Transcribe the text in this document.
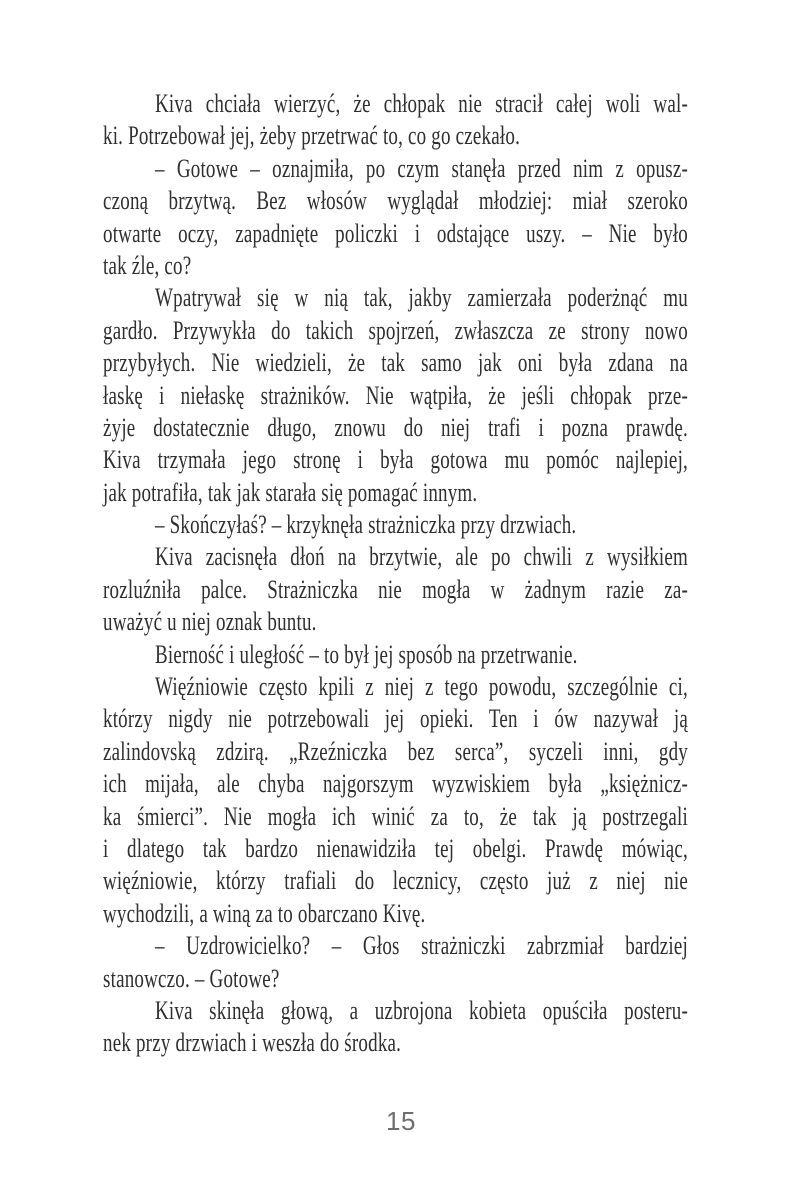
Kiva chciała wierzyć, że chłopak nie stracił całej woli wal-
ki. Potrzebował jej, żeby przetrwać to, co go czekało.
– Gotowe – oznajmiła, po czym stanęła przed nim z opusz-
czoną brzytwą. Bez włosów wyglądał młodziej: miał szeroko
otwarte oczy, zapadnięte policzki i odstające uszy. – Nie było
tak źle, co?
Wpatrywał się w nią tak, jakby zamierzała poderżnąć mu
gardło. Przywykła do takich spojrzeń, zwłaszcza ze strony nowo
przybyłych. Nie wiedzieli, że tak samo jak oni była zdana na
łaskę i niełaskę strażników. Nie wątpiła, że jeśli chłopak prze-
żyje dostatecznie długo, znowu do niej trafi i pozna prawdę.
Kiva trzymała jego stronę i była gotowa mu pomóc najlepiej,
jak potrafiła, tak jak starała się pomagać innym.
– Skończyłaś? – krzyknęła strażniczka przy drzwiach.
Kiva zacisnęła dłoń na brzytwie, ale po chwili z wysiłkiem
rozluźniła palce. Strażniczka nie mogła w żadnym razie za-
uważyć u niej oznak buntu.
Bierność i uległość – to był jej sposób na przetrwanie.
Więźniowie często kpili z niej z tego powodu, szczególnie ci,
którzy nigdy nie potrzebowali jej opieki. Ten i ów nazywał ją
zalindovską zdzirą. „Rzeźniczka bez serca”, syczeli inni, gdy
ich mijała, ale chyba najgorszym wyzwiskiem była „księżnicz-
ka śmierci”. Nie mogła ich winić za to, że tak ją postrzegali
i dlatego tak bardzo nienawidziła tej obelgi. Prawdę mówiąc,
więźniowie, którzy trafiali do lecznicy, często już z niej nie
wychodzili, a winą za to obarczano Kivę.
– Uzdrowicielko? – Głos strażniczki zabrzmiał bardziej
stanowczo. – Gotowe?
Kiva skinęła głową, a uzbrojona kobieta opuściła posteru-
nek przy drzwiach i weszła do środka.
15
